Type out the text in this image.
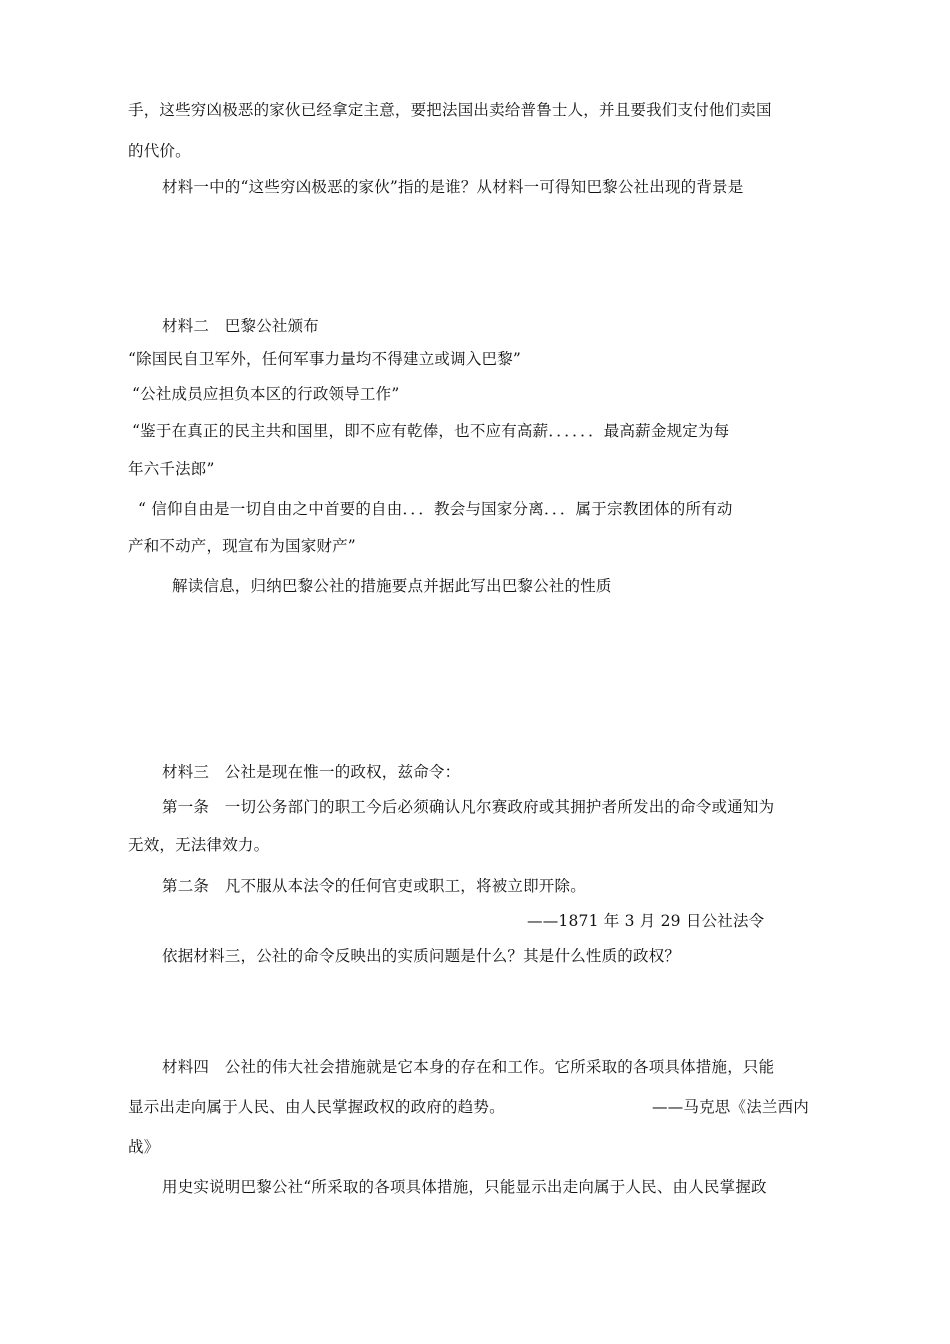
手，这些穷凶极恶的家伙已经拿定主意，要把法国出卖给普鲁士人，并且要我们支付他们卖国
的代价。
材料一中的“这些穷凶极恶的家伙”指的是谁？从材料一可得知巴黎公社出现的背景是
材料二　巴黎公社颁布
“除国民自卫军外，任何军事力量均不得建立或调入巴黎”
“公社成员应担负本区的行政领导工作”
“鉴于在真正的民主共和国里，即不应有乾俸，也不应有高薪．．．．．．最高薪金规定为每
年六千法郎”
“ 信仰自由是一切自由之中首要的自由．．．教会与国家分离．．．属于宗教团体的所有动
产和不动产，现宣布为国家财产”
解读信息，归纳巴黎公社的措施要点并据此写出巴黎公社的性质
材料三　公社是现在惟一的政权，兹命令：
第一条　一切公务部门的职工今后必须确认凡尔赛政府或其拥护者所发出的命令或通知为
无效，无法律效力。
第二条　凡不服从本法令的任何官吏或职工，将被立即开除。
——1871 年 3 月 29 日公社法令
依据材料三，公社的命令反映出的实质问题是什么？其是什么性质的政权？
材料四　公社的伟大社会措施就是它本身的存在和工作。它所采取的各项具体措施，只能
显示出走向属于人民、由人民掌握政权的政府的趋势。	——马克思《法兰西内
战》
用史实说明巴黎公社“所采取的各项具体措施，只能显示出走向属于人民、由人民掌握政
